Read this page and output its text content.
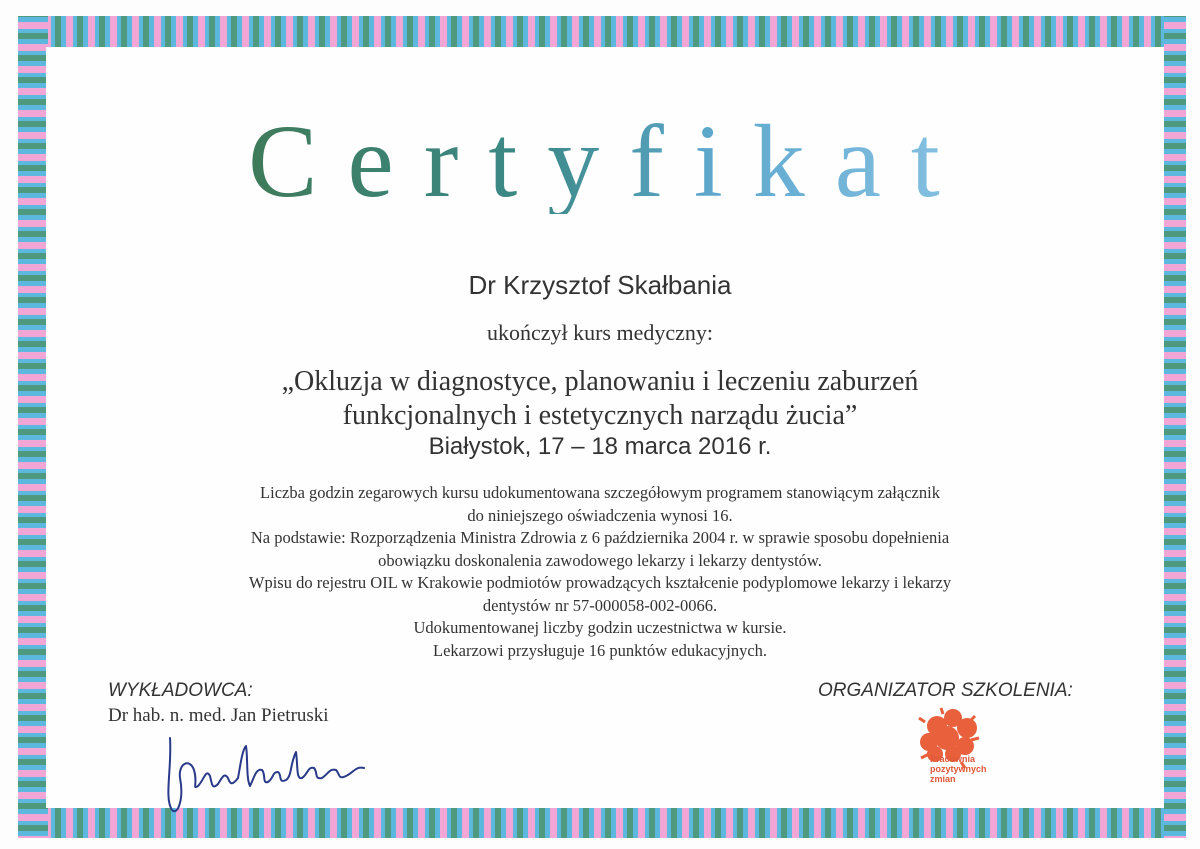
Certyfikat
Dr Krzysztof Skałbania
ukończył kurs medyczny:
„Okluzja w diagnostyce, planowaniu i leczeniu zaburzeń
funkcjonalnych i estetycznych narządu żucia”
Białystok, 17 – 18 marca 2016 r.
Liczba godzin zegarowych kursu udokumentowana szczegółowym programem stanowiącym załącznik
do niniejszego oświadczenia wynosi 16.
Na podstawie: Rozporządzenia Ministra Zdrowia z 6 października 2004 r. w sprawie sposobu dopełnienia
obowiązku doskonalenia zawodowego lekarzy i lekarzy dentystów.
Wpisu do rejestru OIL w Krakowie podmiotów prowadzących kształcenie podyplomowe lekarzy i lekarzy
dentystów nr 57-000058-002-0066.
Udokumentowanej liczby godzin uczestnictwa w kursie.
Lekarzowi przysługuje 16 punktów edukacyjnych.
WYKŁADOWCA:
Dr hab. n. med. Jan Pietruski
ORGANIZATOR SZKOLENIA:
Pracownia
pozytywnych
zmian
